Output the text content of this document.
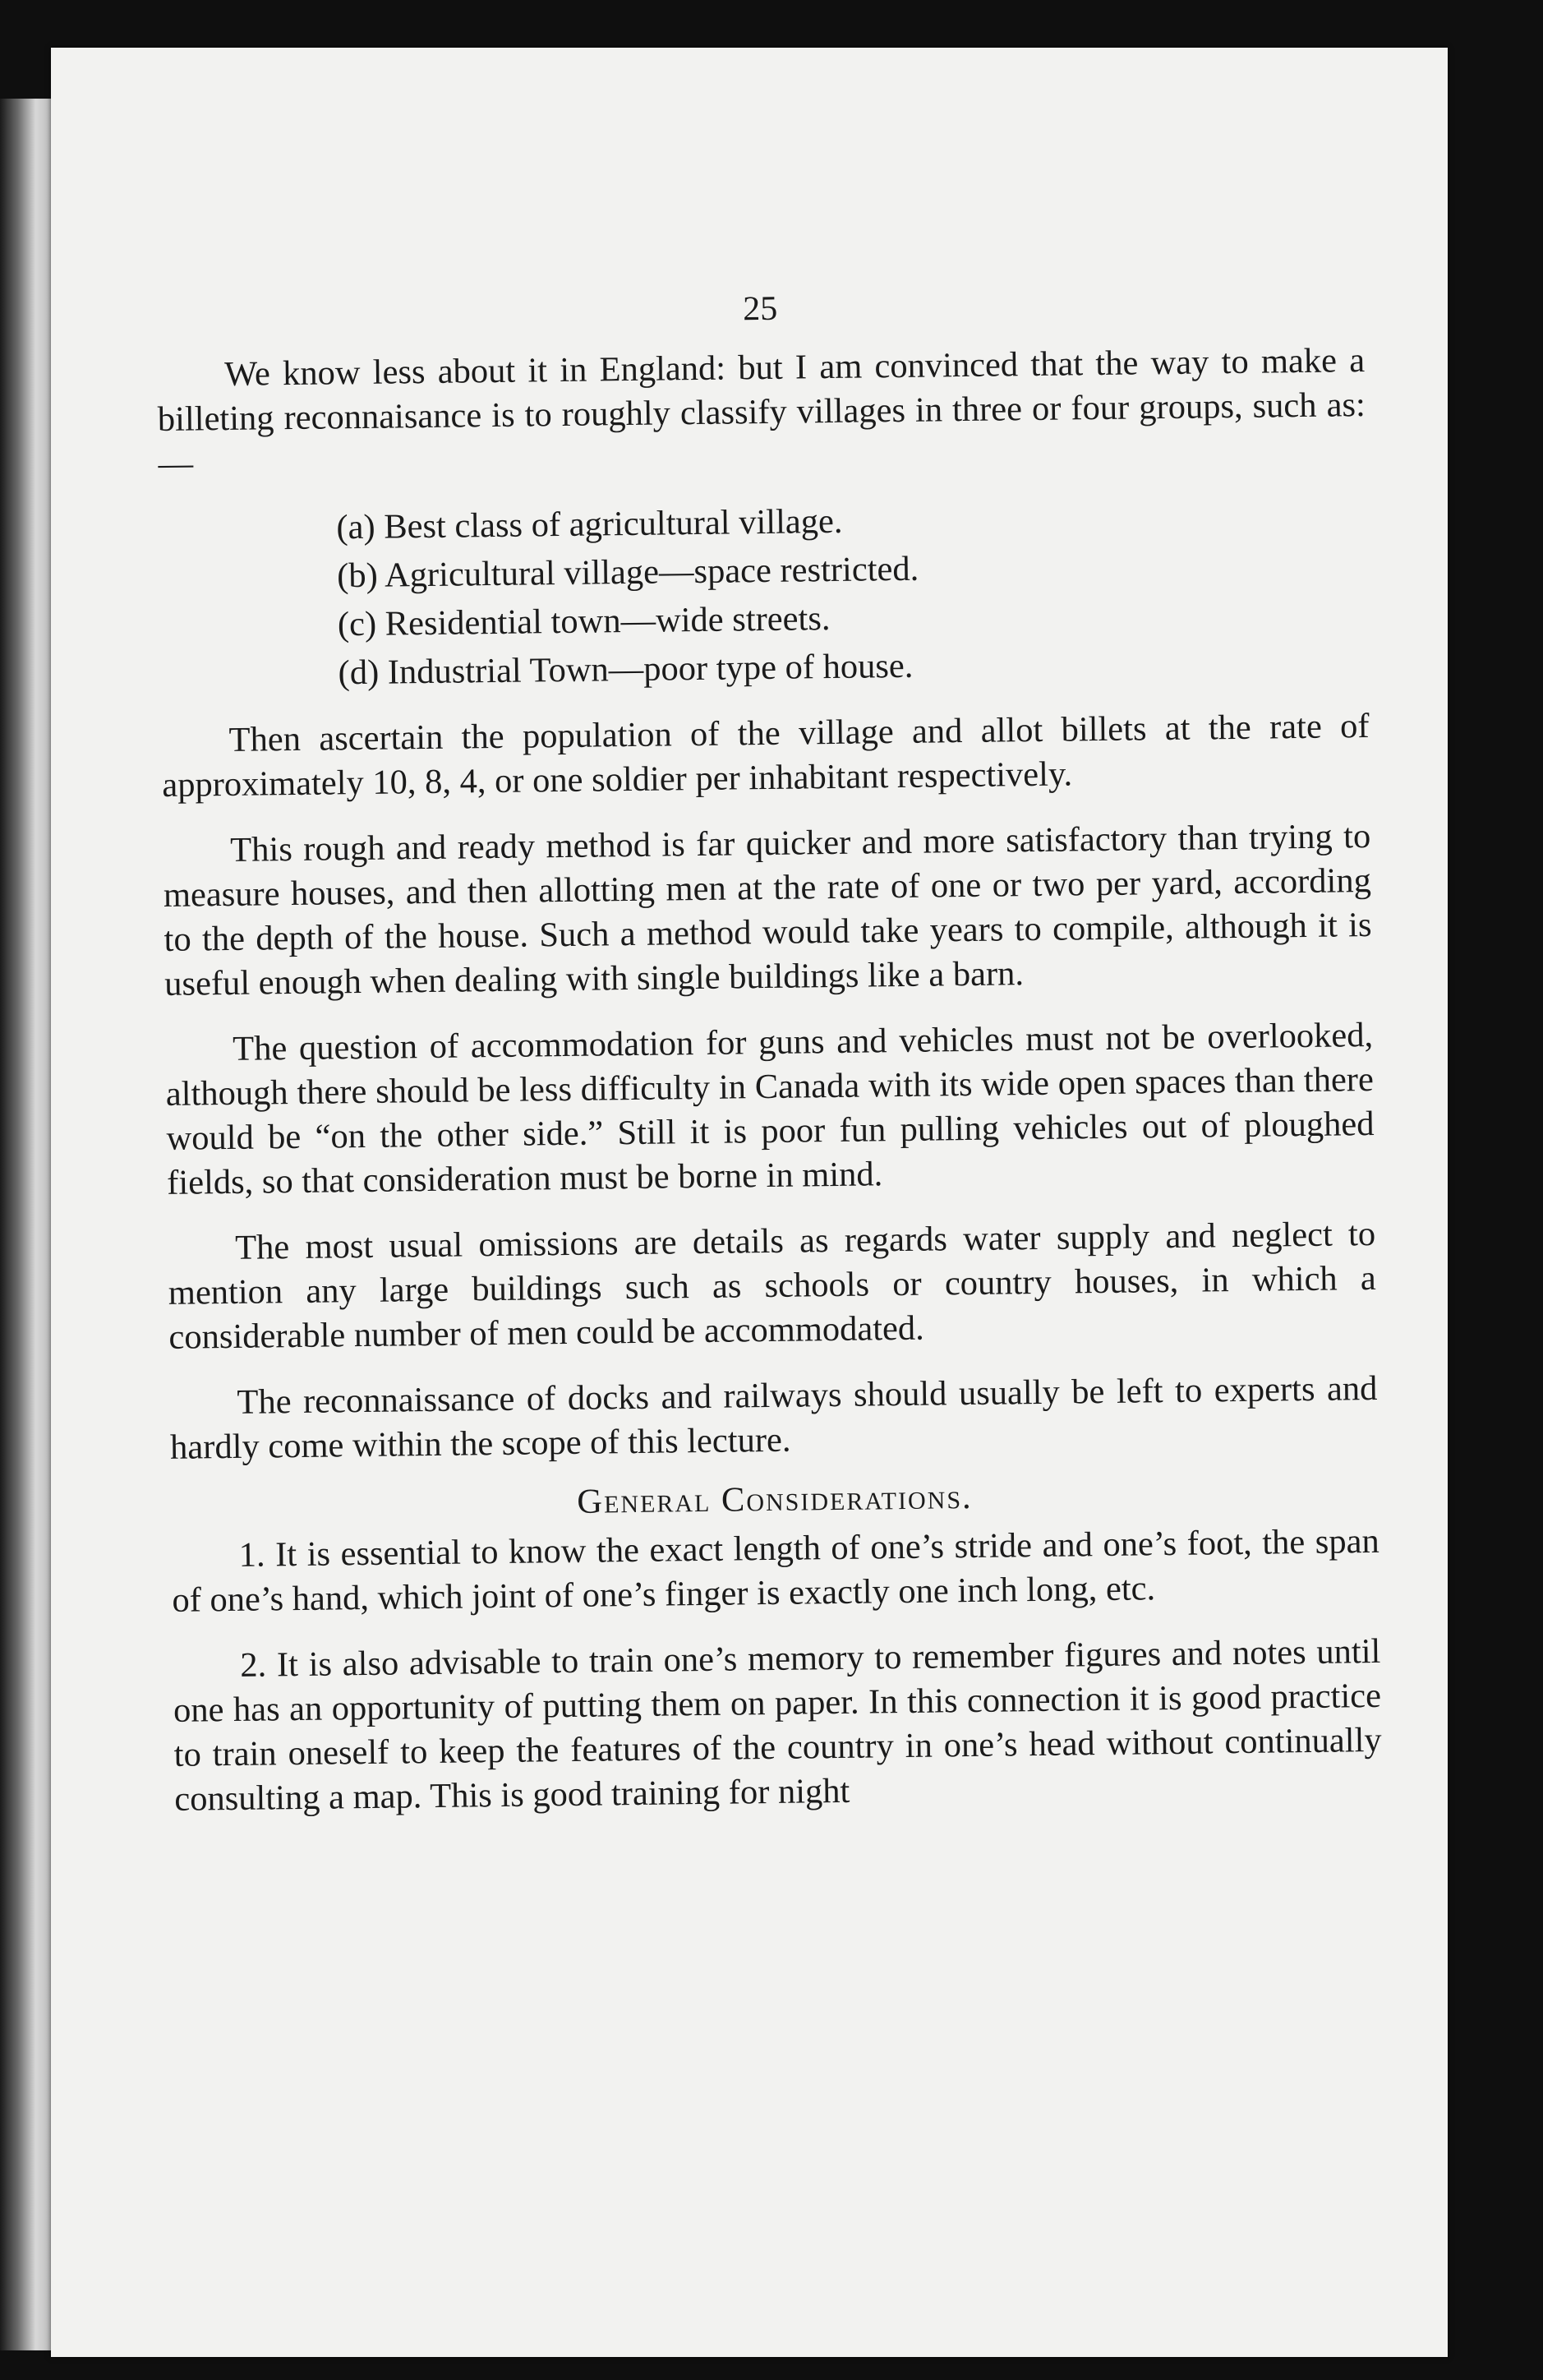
25

We know less about it in England: but I am convinced that the way to make a billeting reconnaisance is to roughly classify villages in three or four groups, such as:—

(a) Best class of agricultural village.
(b) Agricultural village—space restricted.
(c) Residential town—wide streets.
(d) Industrial Town—poor type of house.

Then ascertain the population of the village and allot billets at the rate of approximately 10, 8, 4, or one soldier per inhabitant respectively.

This rough and ready method is far quicker and more satisfactory than trying to measure houses, and then allotting men at the rate of one or two per yard, according to the depth of the house. Such a method would take years to compile, although it is useful enough when dealing with single buildings like a barn.

The question of accommodation for guns and vehicles must not be overlooked, although there should be less difficulty in Canada with its wide open spaces than there would be “on the other side.” Still it is poor fun pulling vehicles out of ploughed fields, so that consideration must be borne in mind.

The most usual omissions are details as regards water supply and neglect to mention any large buildings such as schools or country houses, in which a considerable number of men could be accommodated.

The reconnaissance of docks and railways should usually be left to experts and hardly come within the scope of this lecture.

General Considerations.

1. It is essential to know the exact length of one’s stride and one’s foot, the span of one’s hand, which joint of one’s finger is exactly one inch long, etc.

2. It is also advisable to train one’s memory to remember figures and notes until one has an opportunity of putting them on paper. In this connection it is good practice to train oneself to keep the features of the country in one’s head without continually consulting a map. This is good training for night
